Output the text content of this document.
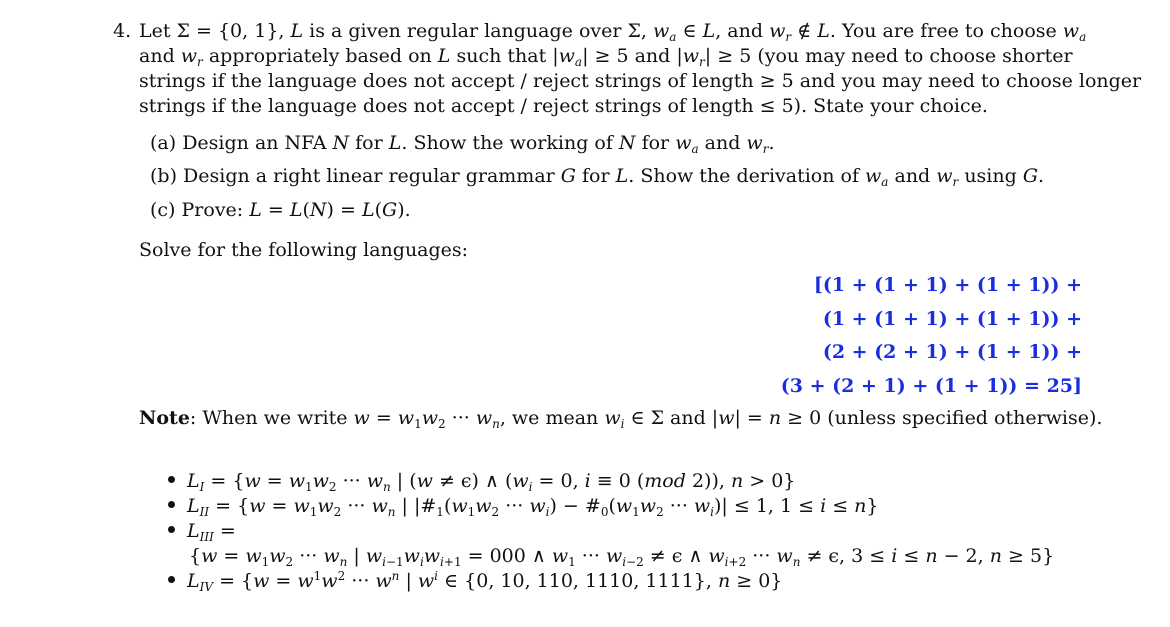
4. Let Σ = {0, 1}, L is a given regular language over Σ, $w_a$ ∈ L, and $w_r$ ∉ L. You are free to choose $w_a$
and $w_r$ appropriately based on L such that $|w_a| \ge 5$ and $|w_r| \ge 5$ (you may need to choose shorter
strings if the language does not accept / reject strings of length ≥ 5 and you may need to choose longer
strings if the language does not accept / reject strings of length ≤ 5). State your choice.
(a) Design an NFA N for L. Show the working of N for $w_a$ and $w_r$.
(b) Design a right linear regular grammar G for L. Show the derivation of $w_a$ and $w_r$ using G.
(c) Prove: L = L(N) = L(G).
Solve for the following languages:
[(1 + (1 + 1) + (1 + 1)) +
(1 + (1 + 1) + (1 + 1)) +
(2 + (2 + 1) + (1 + 1)) +
(3 + (2 + 1) + (1 + 1)) = 25]
Note: When we write $w = w_1w_2$ ··· $w_n$, we mean $w_i$ ∈ Σ and |w| = n ≥ 0 (unless specified otherwise).
$L_I = \{w = w_1w_2$ ··· $w_n$ | (w ≠ ϵ) ∧ ($w_i = 0$, i ≡ 0 (mod 2)), n > 0}
$L_{II} = \{w = w_1w_2$ ··· $w_n$ | $|\#_1(w_1w_2$ ··· $w_i$) − $\#_0(w_1w_2$ ··· $w_i)| \le 1$, 1 ≤ i ≤ n}
$L_{III}$ =
{$w = w_1w_2$ ··· $w_n$ | $w_{i-1}w_iw_{i+1} = 000$ ∧ $w_1$ ··· $w_{i-2} \ne \epsilon$ ∧ $w_{i+2}$ ··· $w_n \ne \epsilon$, 3 ≤ i ≤ n − 2, n ≥ 5}
$L_{IV} = \{w = w^1w^2$ ··· $w^n$ | $w^i$ ∈ {0, 10, 110, 1110, 1111}, n ≥ 0}
